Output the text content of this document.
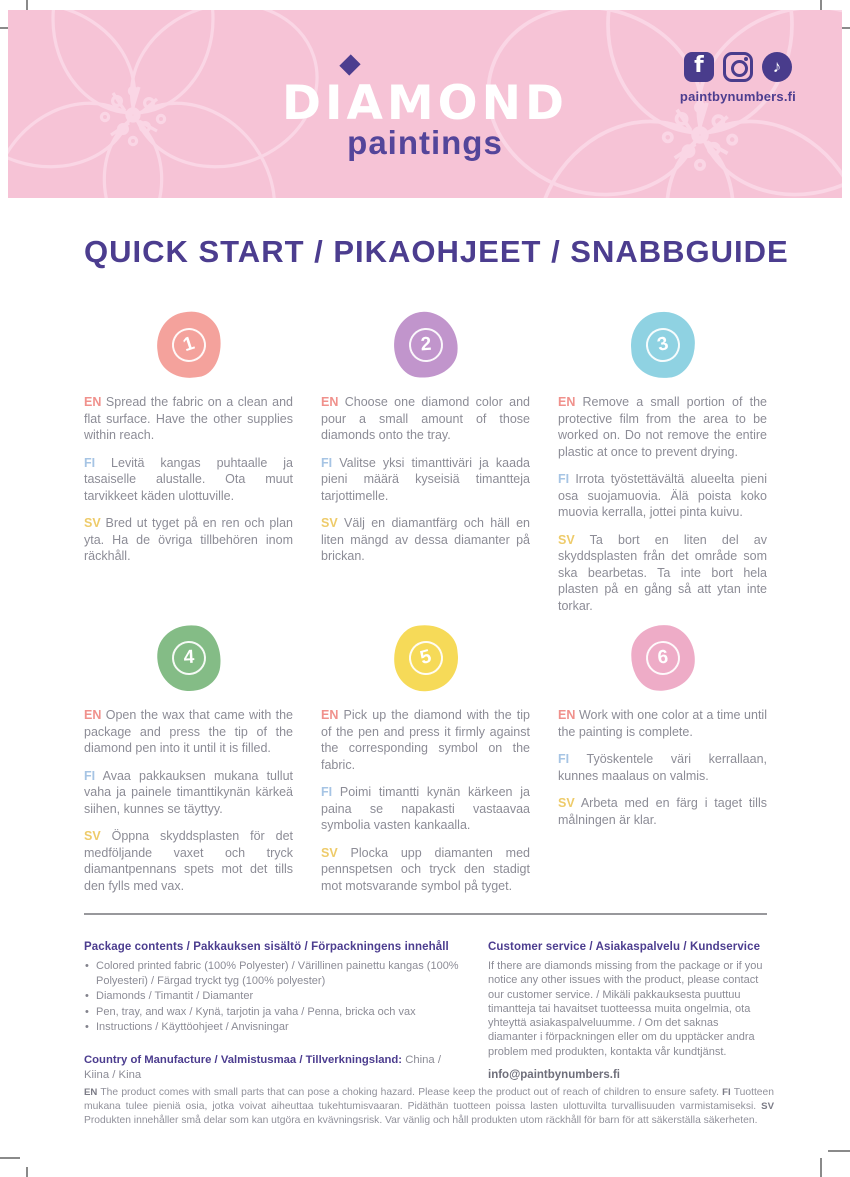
DIAMOND
paintings
f	♪
paintbynumbers.fi
QUICK START / PIKAOHJEET / SNABBGUIDE
1

EN Spread the fabric on a clean and flat surface. Have the other supplies within reach.

FI Levitä kangas puhtaalle ja tasaiselle alustalle. Ota muut tarvikkeet käden ulottuville.

SV Bred ut tyget på en ren och plan yta. Ha de övriga tillbehören inom räckhåll.

2

EN Choose one diamond color and pour a small amount of those diamonds onto the tray.

FI Valitse yksi timanttiväri ja kaada pieni määrä kyseisiä timantteja tarjottimelle.

SV Välj en diamantfärg och häll en liten mängd av dessa diamanter på brickan.

3

EN Remove a small portion of the protective film from the area to be worked on. Do not remove the entire plastic at once to prevent drying.

FI Irrota työstettävältä alueelta pieni osa suojamuovia. Älä poista koko muovia kerralla, jottei pinta kuivu.

SV Ta bort en liten del av skyddsplasten från det område som ska bearbetas. Ta inte bort hela plasten på en gång så att ytan inte torkar.

4

EN Open the wax that came with the package and press the tip of the diamond pen into it until it is filled.

FI Avaa pakkauksen mukana tullut vaha ja painele timanttikynän kärkeä siihen, kunnes se täyttyy.

SV Öppna skyddsplasten för det medföljande vaxet och tryck diamantpennans spets mot det tills den fylls med vax.

5

EN Pick up the diamond with the tip of the pen and press it firmly against the corresponding symbol on the fabric.

FI Poimi timantti kynän kärkeen ja paina se napakasti vastaavaa symbolia vasten kankaalla.

SV Plocka upp diamanten med pennspetsen och tryck den stadigt mot motsvarande symbol på tyget.

6

EN Work with one color at a time until the painting is complete.

FI Työskentele väri kerrallaan, kunnes maalaus on valmis.

SV Arbeta med en färg i taget tills målningen är klar.

Package contents / Pakkauksen sisältö / Förpackningens innehåll
• Colored printed fabric (100% Polyester) / Värillinen painettu kangas (100% Polyesteri) / Färgad tryckt tyg (100% polyester)
• Diamonds / Timantit / Diamanter
• Pen, tray, and wax / Kynä, tarjotin ja vaha / Penna, bricka och vax
• Instructions / Käyttöohjeet / Anvisningar
Country of Manufacture / Valmistusmaa / Tillverkningsland: China / Kiina / Kina
Customer service / Asiakaspalvelu / Kundservice
If there are diamonds missing from the package or if you notice any other issues with the product, please contact our customer service. / Mikäli pakkauksesta puuttuu timantteja tai havaitset tuotteessa muita ongelmia, ota yhteyttä asiakaspalveluumme. / Om det saknas diamanter i förpackningen eller om du upptäcker andra problem med produkten, kontakta vår kundtjänst.
info@paintbynumbers.fi

EN The product comes with small parts that can pose a choking hazard. Please keep the product out of reach of children to ensure safety. FI Tuotteen mukana tulee pieniä osia, jotka voivat aiheuttaa tukehtumisvaaran. Pidäthän tuotteen poissa lasten ulottuvilta turvallisuuden varmistamiseksi. SV Produkten innehåller små delar som kan utgöra en kvävningsrisk. Var vänlig och håll produkten utom räckhåll för barn för att säkerställa säkerheten.
